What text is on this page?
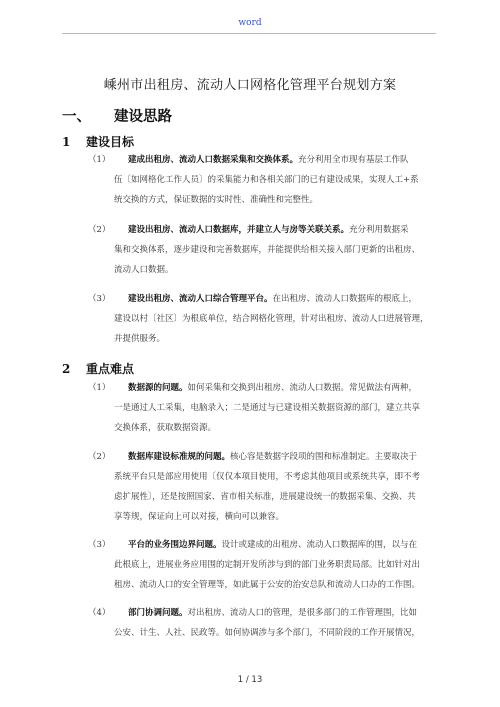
word
嵊州市出租房、流动人口网格化管理平台规划方案
一、 建设思路
1 建设目标
（1） 建成出租房、流动人口数据采集和交换体系。充分利用全市现有基层工作队
伍〔如网格化工作人员〕的采集能力和各相关部门的已有建设成果，实现人工+系
统交换的方式，保证数据的实时性、准确性和完整性。
（2） 建设出租房、流动人口数据库，并建立人与房等关联关系。充分利用数据采
集和交换体系，逐步建设和完善数据库，并能提供给相关接入部门更新的出租房、
流动人口数据。
（3） 建设出租房、流动人口综合管理平台。在出租房、流动人口数据库的根底上，
建设以村〔社区〕为根底单位，结合网格化管理，针对出租房、流动人口进展管理，
并提供服务。
2 重点难点
（1） 数据源的问题。如何采集和交换到出租房、流动人口数据。常见做法有两种，
一是通过人工采集，电脑录入；二是通过与已建设相关数据资源的部门，建立共享
交换体系，获取数据资源。
（2） 数据库建设标准规的问题。核心容是数据字段项的围和标准制定。主要取决于
系统平台只是部应用使用〔仅仅本项目使用，不考虑其他项目或系统共享，即不考
虑扩展性〕，还是按照国家、省市相关标准，进展建设统一的数据采集、交换、共
享等规，保证向上可以对接，横向可以兼容。
（3） 平台的业务围边界问题。设计或建成的出租房、流动人口数据库的围，以与在
此根底上，进展业务应用围的定制开发所涉与到的部门业务职责局部。比如针对出
租房、流动人口的安全管理等，如此属于公安的治安总队和流动人口办的工作围。
（4） 部门协调问题。对出租房、流动人口的管理，是很多部门的工作管理围，比如
公安、计生、人社、民政等。如何协调涉与多个部门，不同阶段的工作开展情况，
1 / 13
